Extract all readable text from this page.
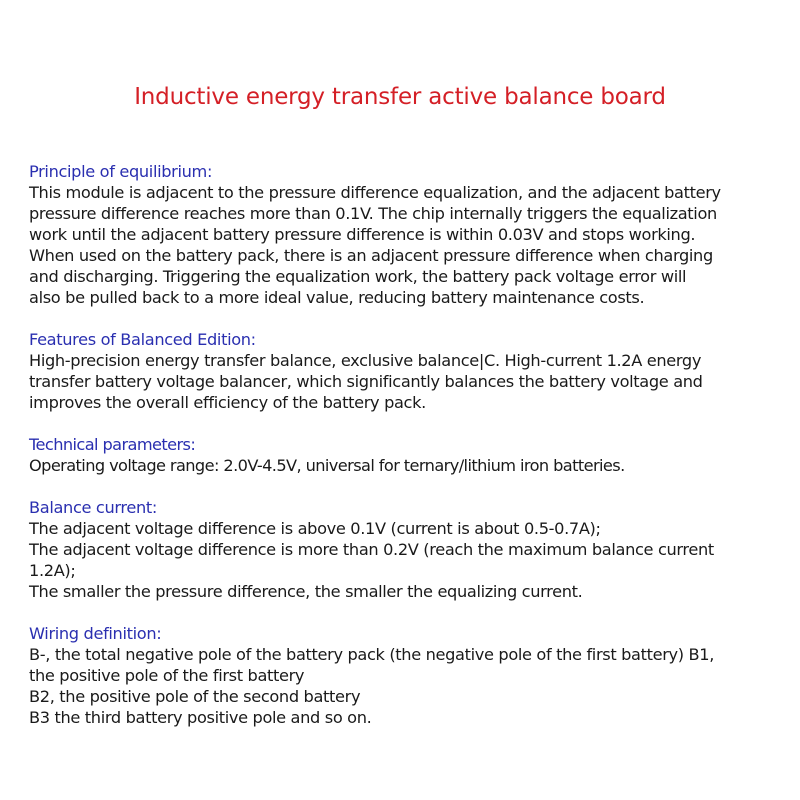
Inductive energy transfer active balance board

Principle of equilibrium:

This module is adjacent to the pressure difference equalization, and the adjacent battery

pressure difference reaches more than 0.1V. The chip internally triggers the equalization

work until the adjacent battery pressure difference is within 0.03V and stops working.

When used on the battery pack, there is an adjacent pressure difference when charging

and discharging. Triggering the equalization work, the battery pack voltage error will

also be pulled back to a more ideal value, reducing battery maintenance costs.

Features of Balanced Edition:

High-precision energy transfer balance, exclusive balance|C. High-current 1.2A energy

transfer battery voltage balancer, which significantly balances the battery voltage and

improves the overall efficiency of the battery pack.

Technical parameters:

Operating voltage range: 2.0V-4.5V, universal for ternary/lithium iron batteries.

Balance current:

The adjacent voltage difference is above 0.1V (current is about 0.5-0.7A);

The adjacent voltage difference is more than 0.2V (reach the maximum balance current

1.2A);

The smaller the pressure difference, the smaller the equalizing current.

Wiring definition:

B-, the total negative pole of the battery pack (the negative pole of the first battery) B1,

the positive pole of the first battery

B2, the positive pole of the second battery

B3 the third battery positive pole and so on.
